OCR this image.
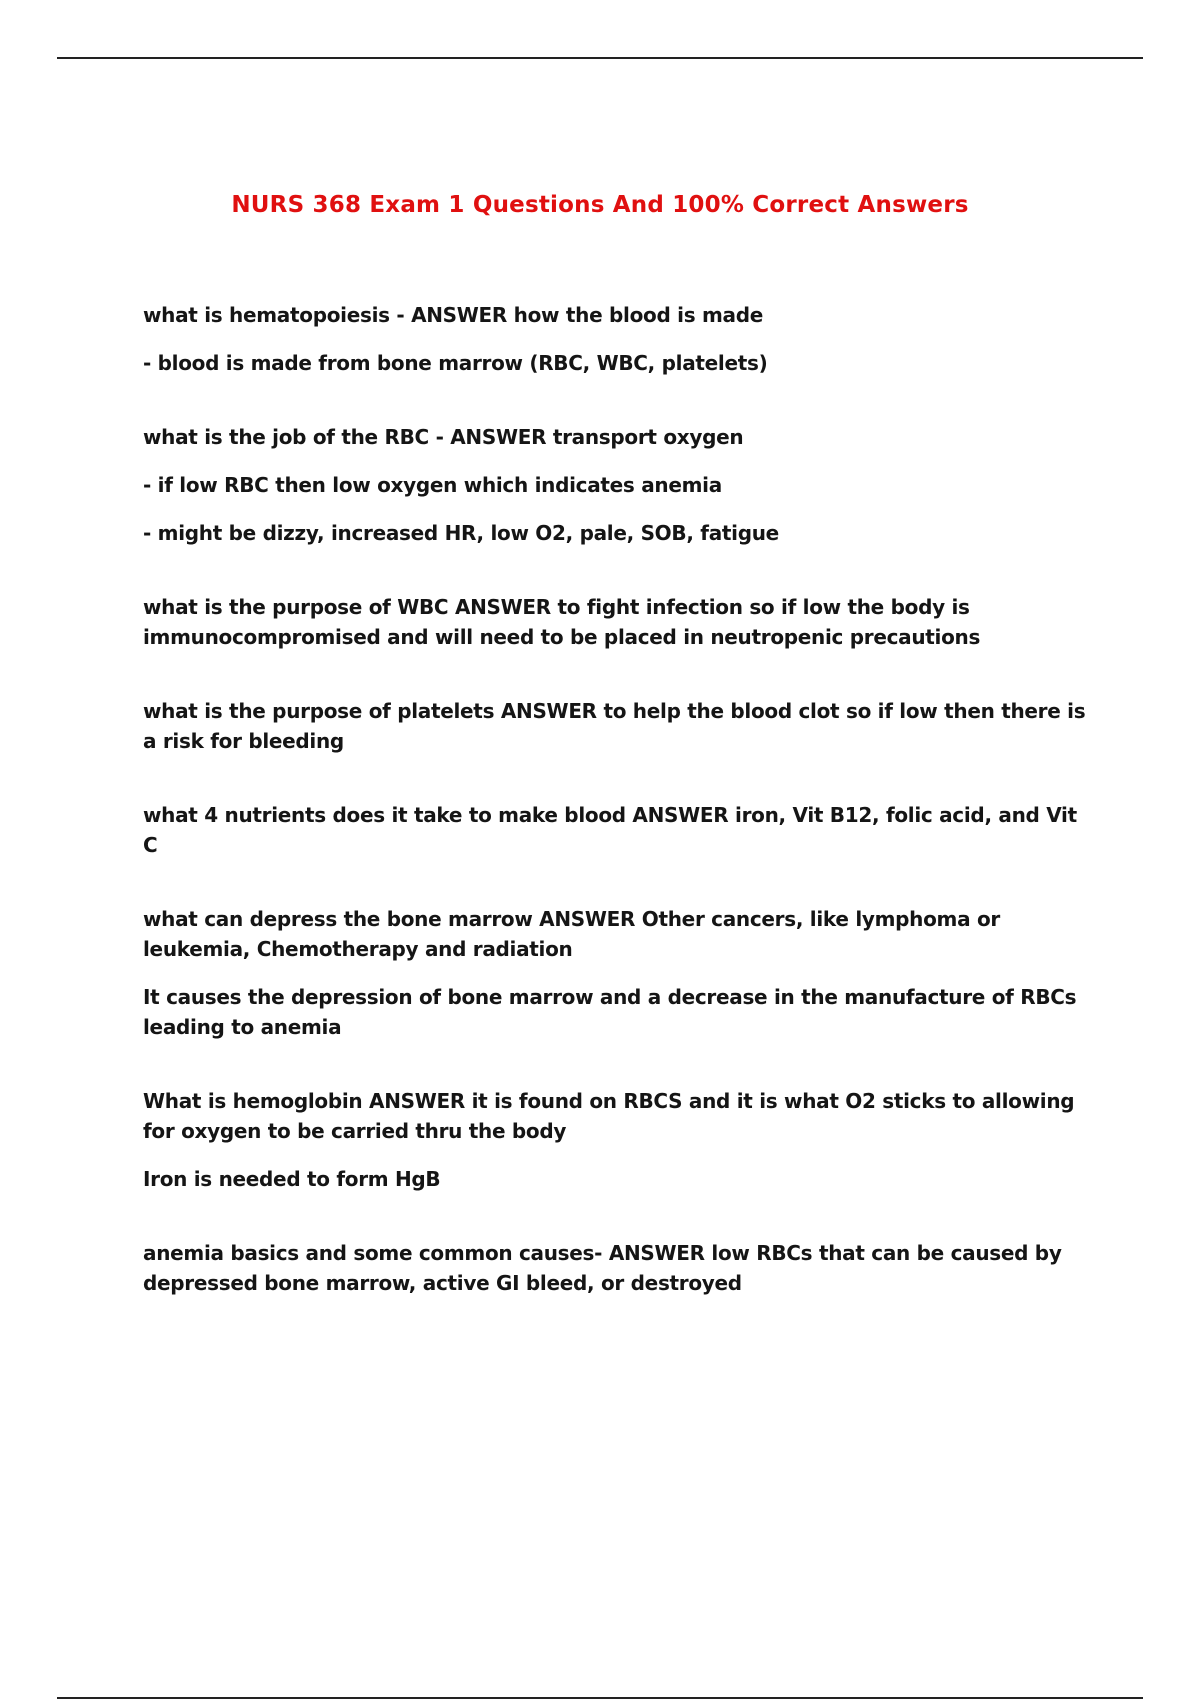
NURS 368 Exam 1 Questions And 100% Correct Answers

what is hematopoiesis - ANSWER how the blood is made

- blood is made from bone marrow (RBC, WBC, platelets)

what is the job of the RBC - ANSWER transport oxygen

- if low RBC then low oxygen which indicates anemia

- might be dizzy, increased HR, low O2, pale, SOB, fatigue

what is the purpose of WBC ANSWER to fight infection so if low the body is immunocompromised and will need to be placed in neutropenic precautions

what is the purpose of platelets ANSWER to help the blood clot so if low then there is a risk for bleeding

what 4 nutrients does it take to make blood ANSWER iron, Vit B12, folic acid, and Vit C

what can depress the bone marrow ANSWER Other cancers, like lymphoma or leukemia, Chemotherapy and radiation

It causes the depression of bone marrow and a decrease in the manufacture of RBCs leading to anemia

What is hemoglobin ANSWER it is found on RBCS and it is what O2 sticks to allowing for oxygen to be carried thru the body

Iron is needed to form HgB

anemia basics and some common causes- ANSWER low RBCs that can be caused by depressed bone marrow, active GI bleed, or destroyed
